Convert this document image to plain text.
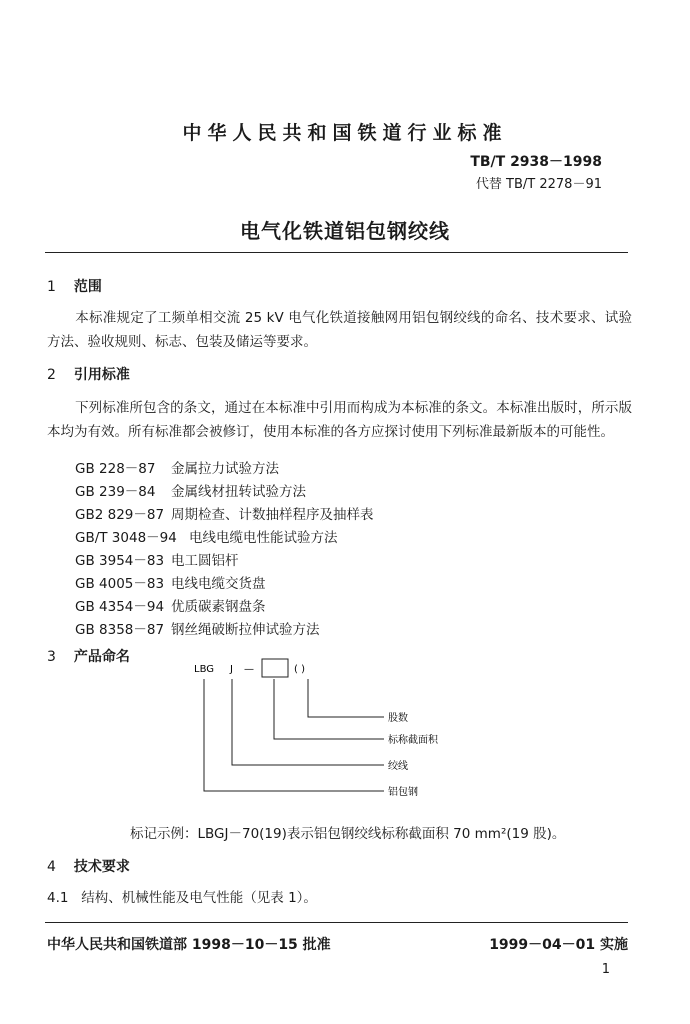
中华人民共和国铁道行业标准
TB/T 2938－1998
代替 TB/T 2278－91
电气化铁道铝包钢绞线
1 范围
本标准规定了工频单相交流 25 kV 电气化铁道接触网用铝包钢绞线的命名、技术要求、试验方法、验收规则、标志、包装及储运等要求。
2 引用标准
下列标准所包含的条文，通过在本标准中引用而构成为本标准的条文。本标准出版时，所示版本均为有效。所有标准都会被修订，使用本标准的各方应探讨使用下列标准最新版本的可能性。
GB 228－87 金属拉力试验方法
GB 239－84 金属线材扭转试验方法
GB2 829－87 周期检查、计数抽样程序及抽样表
GB/T 3048－94 电线电缆电性能试验方法
GB 3954－83 电工圆铝杆
GB 4005－83 电线电缆交货盘
GB 4354－94 优质碳素钢盘条
GB 8358－87 钢丝绳破断拉伸试验方法
3 产品命名
LBG J —	( )
股数
标称截面积
绞线
铝包钢
标记示例：LBGJ－70(19)表示铝包钢绞线标称截面积 70 mm²(19 股)。
4 技术要求
4.1 结构、机械性能及电气性能（见表 1）。
中华人民共和国铁道部 1998－10－15 批准	1999－04－01 实施
1
